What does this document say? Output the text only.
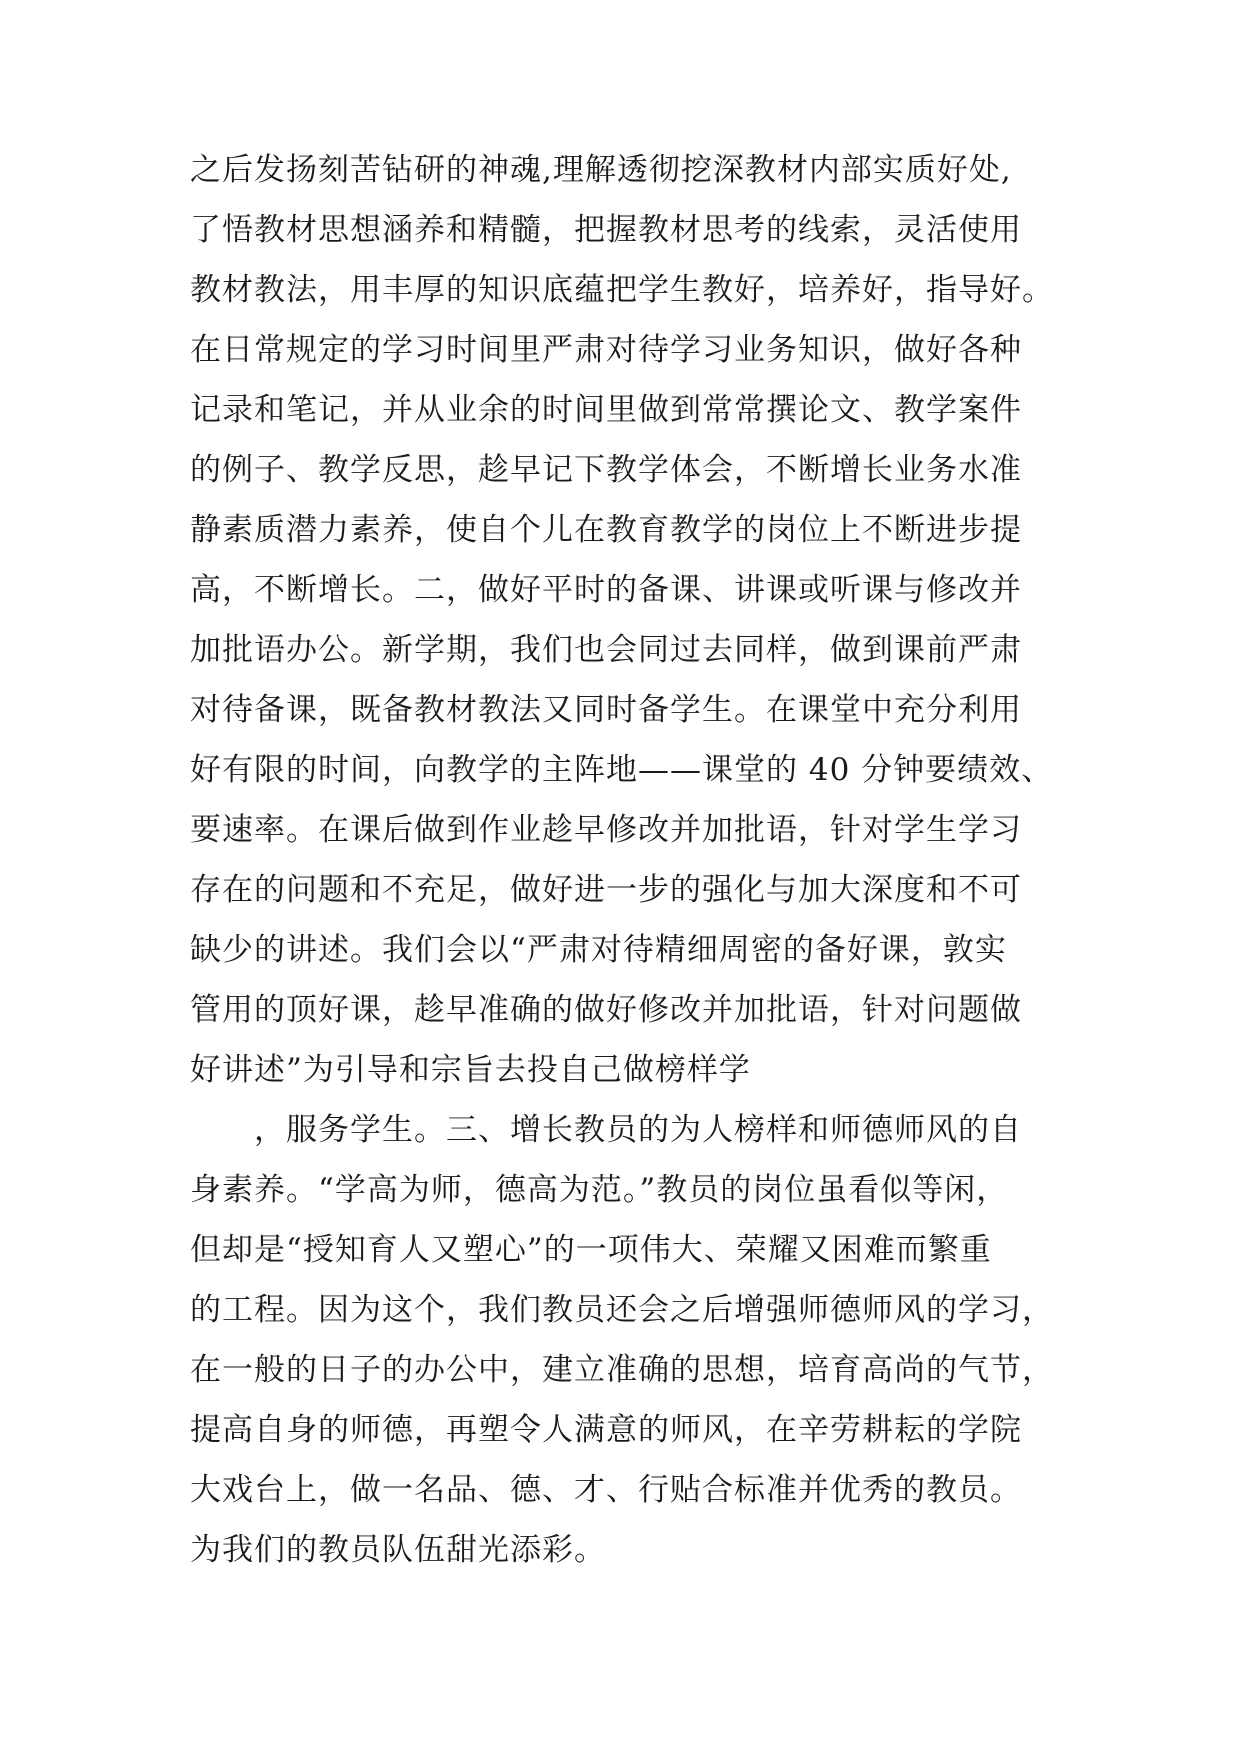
之后发扬刻苦钻研的神魂,理解透彻挖深教材内部实质好处,
了悟教材思想涵养和精髓，把握教材思考的线索，灵活使用
教材教法，用丰厚的知识底蕴把学生教好，培养好，指导好。
在日常规定的学习时间里严肃对待学习业务知识，做好各种
记录和笔记，并从业余的时间里做到常常撰论文、教学案件
的例子、教学反思，趁早记下教学体会，不断增长业务水准
静素质潜力素养，使自个儿在教育教学的岗位上不断进步提
高，不断增长。二，做好平时的备课、讲课或听课与修改并
加批语办公。新学期，我们也会同过去同样，做到课前严肃
对待备课，既备教材教法又同时备学生。在课堂中充分利用
好有限的时间，向教学的主阵地——课堂的 40 分钟要绩效、
要速率。在课后做到作业趁早修改并加批语，针对学生学习
存在的问题和不充足，做好进一步的强化与加大深度和不可
缺少的讲述。我们会以“严肃对待精细周密的备好课，敦实
管用的顶好课，趁早准确的做好修改并加批语，针对问题做
好讲述”为引导和宗旨去投自己做榜样学
　　，服务学生。三、增长教员的为人榜样和师德师风的自
身素养。“学高为师，德高为范。”教员的岗位虽看似等闲，
但却是“授知育人又塑心”的一项伟大、荣耀又困难而繁重
的工程。因为这个，我们教员还会之后增强师德师风的学习，
在一般的日子的办公中，建立准确的思想，培育高尚的气节，
提高自身的师德，再塑令人满意的师风，在辛劳耕耘的学院
大戏台上，做一名品、德、才、行贴合标准并优秀的教员。
为我们的教员队伍甜光添彩。
